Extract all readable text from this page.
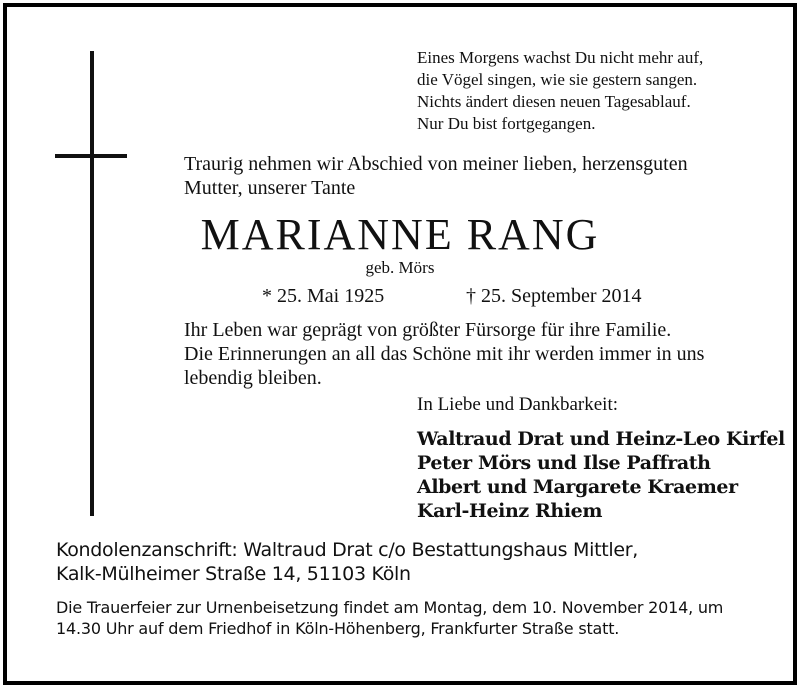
Eines Morgens wachst Du nicht mehr auf,
die Vögel singen, wie sie gestern sangen.
Nichts ändert diesen neuen Tagesablauf.
Nur Du bist fortgegangen.
Traurig nehmen wir Abschied von meiner lieben, herzensguten
Mutter, unserer Tante
MARIANNE RANG
geb. Mörs
* 25. Mai 1925	† 25. September 2014
Ihr Leben war geprägt von größter Fürsorge für ihre Familie.
Die Erinnerungen an all das Schöne mit ihr werden immer in uns
lebendig bleiben.
In Liebe und Dankbarkeit:
Waltraud Drat und Heinz-Leo Kirfel
Peter Mörs und Ilse Paffrath
Albert und Margarete Kraemer
Karl-Heinz Rhiem
Kondolenzanschrift: Waltraud Drat c/o Bestattungshaus Mittler,
Kalk-Mülheimer Straße 14, 51103 Köln
Die Trauerfeier zur Urnenbeisetzung findet am Montag, dem 10. November 2014, um
14.30 Uhr auf dem Friedhof in Köln-Höhenberg, Frankfurter Straße statt.
